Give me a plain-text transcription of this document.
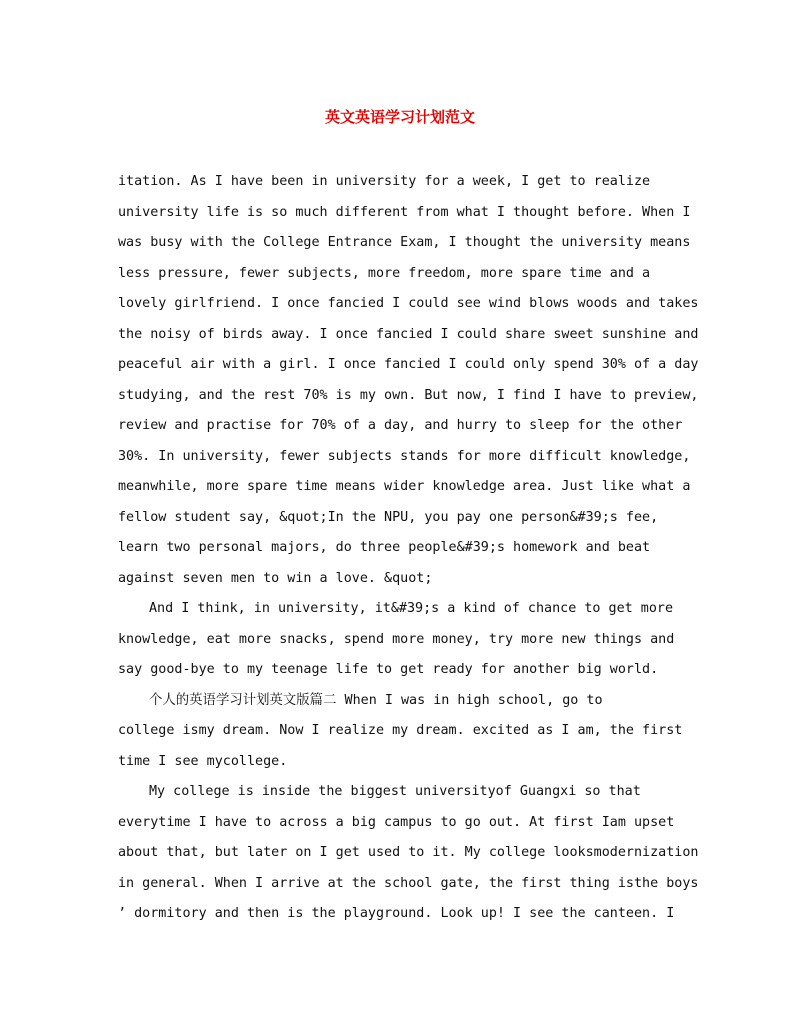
英文英语学习计划范文
itation. As I have been in university for a week, I get to realize
university life is so much different from what I thought before. When I
was busy with the College Entrance Exam, I thought the university means
less pressure, fewer subjects, more freedom, more spare time and a
lovely girlfriend. I once fancied I could see wind blows woods and takes
the noisy of birds away. I once fancied I could share sweet sunshine and
peaceful air with a girl. I once fancied I could only spend 30% of a day
studying, and the rest 70% is my own. But now, I find I have to preview,
review and practise for 70% of a day, and hurry to sleep for the other
30%. In university, fewer subjects stands for more difficult knowledge,
meanwhile, more spare time means wider knowledge area. Just like what a
fellow student say, &quot;In the NPU, you pay one person&#39;s fee,
learn two personal majors, do three people&#39;s homework and beat
against seven men to win a love. &quot;
And I think, in university, it&#39;s a kind of chance to get more
knowledge, eat more snacks, spend more money, try more new things and
say good-bye to my teenage life to get ready for another big world.
个人的英语学习计划英文版篇二 When I was in high school, go to
college ismy dream. Now I realize my dream. excited as I am, the first
time I see mycollege.
My college is inside the biggest universityof Guangxi so that
everytime I have to across a big campus to go out. At first Iam upset
about that, but later on I get used to it. My college looksmodernization
in general. When I arrive at the school gate, the first thing isthe boys
’ dormitory and then is the playground. Look up! I see the canteen. I
